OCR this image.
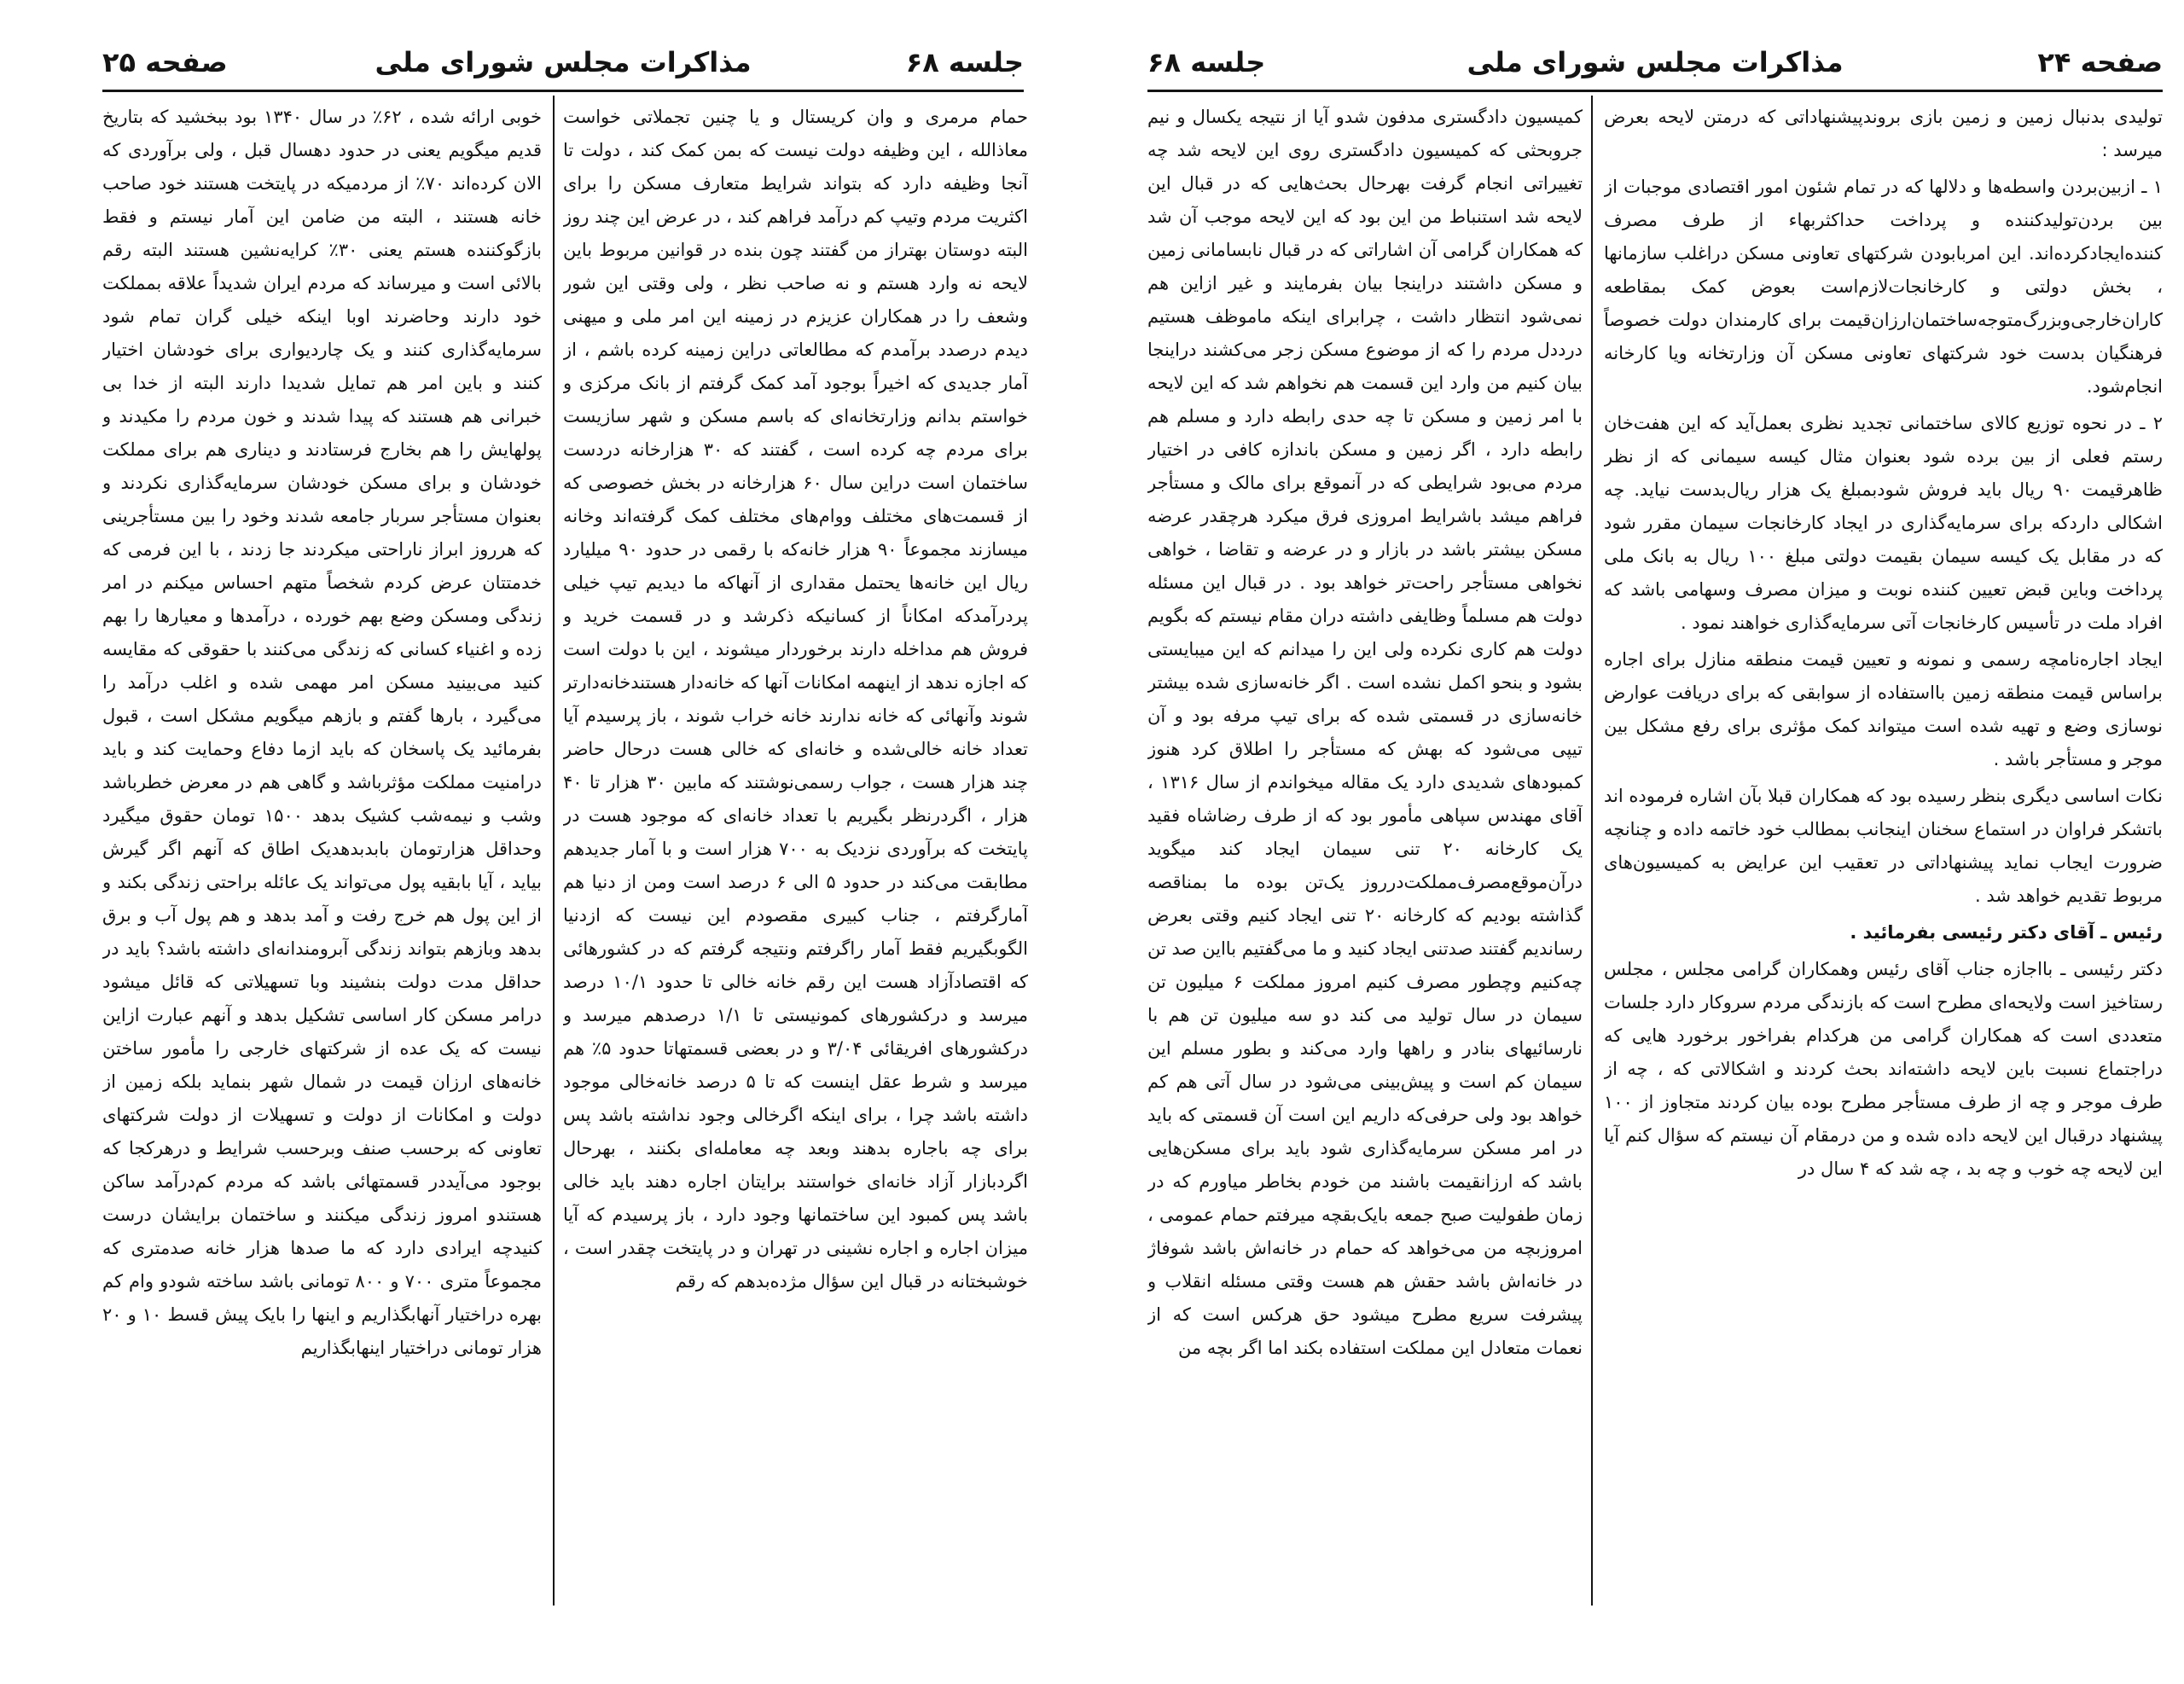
جلسه ۶۸
مذاکرات مجلس شورای ملی
صفحه ۲۵

حمام مرمری و وان کریستال و یا چنین تجملاتی خواست معاذالله ، این وظیفه دولت نیست که بمن کمک کند ، دولت تا آنجا وظیفه دارد که بتواند شرایط متعارف مسکن را برای اکثریت مردم وتیپ کم درآمد فراهم کند ، در عرض این چند روز البته دوستان بهتراز من گفتند چون بنده در قوانین مربوط باین لایحه نه وارد هستم و نه صاحب نظر ، ولی وقتی این شور وشعف را در همکاران عزیزم در زمینه این امر ملی و میهنی دیدم درصدد برآمدم که مطالعاتی دراین زمینه کرده باشم ، از آمار جدیدی که اخیراً بوجود آمد کمک گرفتم از بانک مرکزی و خواستم بدانم وزارتخانه‌ای که باسم مسکن و شهر سازیست برای مردم چه کرده است ، گفتند که ۳۰ هزارخانه دردست ساختمان است دراین سال ۶۰ هزارخانه در بخش خصوصی که از قسمت‌های مختلف ووام‌های مختلف کمک گرفته‌اند وخانه میسازند مجموعاً ۹۰ هزار خانه‌که با رقمی در حدود ۹۰ میلیارد ریال این خانه‌ها یحتمل مقداری از آنهاکه ما دیدیم تیپ خیلی پردرآمدکه امکاناً از کسانیکه ذکرشد و در قسمت خرید و فروش هم مداخله دارند برخوردار میشوند ، این با دولت است که اجازه ندهد از اینهمه امکانات آنها که خانه‌دار هستندخانه‌دارتر شوند وآنهائی که خانه ندارند خانه خراب شوند ، باز پرسیدم آیا تعداد خانه خالی‌شده و خانه‌ای که خالی هست درحال حاضر چند هزار هست ، جواب رسمی‌نوشتند که مابین ۳۰ هزار تا ۴۰ هزار ، اگردرنظر بگیریم با تعداد خانه‌ای که موجود هست در پایتخت که برآوردی نزدیک به ۷۰۰ هزار است و با آمار جدیدهم مطابقت می‌کند در حدود ۵ الی ۶ درصد است ومن از دنیا هم آمارگرفتم ، جناب کبیری مقصودم این نیست که ازدنیا الگوبگیریم فقط آمار راگرفتم ونتیجه گرفتم که در کشورهائی که اقتصادآزاد هست این رقم خانه خالی تا حدود ۱۰/۱ درصد میرسد و درکشورهای کمونیستی تا ۱/۱ درصدهم میرسد و درکشورهای افریقائی ۳/۰۴ و در بعضی قسمتهاتا حدود ۵٪ هم میرسد و شرط عقل اینست که تا ۵ درصد خانه‌خالی موجود داشته باشد چرا ، برای اینکه اگرخالی وجود نداشته باشد پس برای چه باجاره بدهند وبعد چه معامله‌ای بکنند ، بهرحال اگردبازار آزاد خانه‌ای خواستند برایتان اجاره دهند باید خالی باشد پس کمبود این ساختمانها وجود دارد ، باز پرسیدم که آیا میزان اجاره و اجاره نشینی در تهران و در پایتخت چقدر است ، خوشبختانه در قبال این سؤال مژده‌بدهم که رقم

خوبی ارائه شده ، ۶۲٪ در سال ۱۳۴۰ بود ببخشید که بتاریخ قدیم میگویم یعنی در حدود دهسال قبل ، ولی برآوردی که الان کرده‌اند ۷۰٪ از مردمیکه در پایتخت هستند خود صاحب خانه هستند ، البته من ضامن این آمار نیستم و فقط بازگوکننده هستم یعنی ۳۰٪ کرایه‌نشین هستند البته رقم بالائی است و میرساند که مردم ایران شدیداً علاقه بمملکت خود دارند وحاضرند اوبا اینکه خیلی گران تمام شود سرمایه‌گذاری کنند و یک چاردیواری برای خودشان اختیار کنند و باین امر هم تمایل شدیدا دارند البته از خدا بی خبرانی هم هستند که پیدا شدند و خون مردم را مکیدند و پولهایش را هم بخارج فرستادند و دیناری هم برای مملکت خودشان و برای مسکن خودشان سرمایه‌گذاری نکردند و بعنوان مستأجر سربار جامعه شدند وخود را بین مستأجرینی که هرروز ابراز ناراحتی میکردند جا زدند ، با این فرمی که خدمتتان عرض کردم شخصاً متهم احساس میکنم در امر زندگی ومسکن وضع بهم خورده ، درآمدها و معیارها را بهم زده و اغنیاء کسانی که زندگی می‌کنند با حقوقی که مقایسه کنید می‌بینید مسکن امر مهمی شده و اغلب درآمد را می‌گیرد ، بارها گفتم و بازهم میگویم مشکل است ، قبول بفرمائید یک پاسخان که باید ازما دفاع وحمایت کند و باید درامنیت مملکت مؤثرباشد و گاهی هم در معرض خطرباشد وشب و نیمه‌شب کشیک بدهد ۱۵۰۰ تومان حقوق میگیرد وحداقل هزارتومان بابدبدهدیک اطاق که آنهم اگر گیرش بیاید ، آیا بابقیه پول می‌تواند یک عائله براحتی زندگی بکند و از این پول هم خرج رفت و آمد بدهد و هم پول آب و برق بدهد وبازهم بتواند زندگی آبرومندانه‌ای داشته باشد؟ باید در حداقل مدت دولت بنشیند وبا تسهیلاتی که قائل میشود درامر مسکن کار اساسی تشکیل بدهد و آنهم عبارت ازاین نیست که یک عده از شرکتهای خارجی را مأمور ساختن خانه‌های ارزان قیمت در شمال شهر بنماید بلکه زمین از دولت و امکانات از دولت و تسهیلات از دولت شرکتهای تعاونی که برحسب صنف وبرحسب شرایط و درهرکجا که بوجود می‌آیددر قسمتهائی باشد که مردم کم‌درآمد ساکن هستندو امروز زندگی میکنند و ساختمان برایشان درست کنیدچه ایرادی دارد که ما صدها هزار خانه صدمتری که مجموعاً متری ۷۰۰ و ۸۰۰ تومانی باشد ساخته شودو وام کم بهره دراختیار آنهابگذاریم و اینها را بایک پیش قسط ۱۰ و ۲۰ هزار تومانی دراختیار اینهابگذاریم

صفحه ۲۴
مذاکرات مجلس شورای ملی
جلسه ۶۸

تولیدی بدنبال زمین و زمین بازی بروندپیشنهاداتی که درمتن لایحه بعرض میرسد :

۱ ـ ازبین‌بردن واسطه‌ها و دلالها که در تمام شئون امور اقتصادی موجبات از بین بردن‌تولیدکننده و پرداخت حداکثربهاء از طرف مصرف کننده‌ایجادکرده‌اند. این امربابودن شرکتهای تعاونی مسکن دراغلب سازمانها ، بخش دولتی و کارخانجات‌لازم‌است بعوض کمک بمقاطعه کاران‌خارجی‌وبزرگ‌متوجه‌ساختمان‌ارزان‌قیمت برای کارمندان دولت خصوصاً فرهنگیان بدست خود شرکتهای تعاونی مسکن آن وزارتخانه ویا کارخانه انجام‌شود.

۲ ـ در نحوه توزیع کالای ساختمانی تجدید نظری بعمل‌آید که این هفت‌خان رستم فعلی از بین برده شود بعنوان مثال کیسه سیمانی که از نظر ظاهرقیمت ۹۰ ریال باید فروش شودبمبلغ یک هزار ریال‌بدست نیاید. چه اشکالی داردکه برای سرمایه‌گذاری در ایجاد کارخانجات سیمان مقرر شود که در مقابل یک کیسه سیمان بقیمت دولتی مبلغ ۱۰۰ ریال به بانک ملی پرداخت وباین قبض تعیین کننده نوبت و میزان مصرف وسهامی باشد که افراد ملت در تأسیس کارخانجات آتی سرمایه‌گذاری خواهند نمود .

ایجاد اجاره‌نامچه رسمی و نمونه و تعیین قیمت منطقه منازل برای اجاره براساس قیمت منطقه زمین بااستفاده از سوابقی که برای دریافت عوارض نوسازی وضع و تهیه شده است میتواند کمک مؤثری برای رفع مشکل بین موجر و مستأجر باشد .

نکات اساسی دیگری بنظر رسیده بود که همکاران قبلا بآن اشاره فرموده اند باتشکر فراوان در استماع سخنان اینجانب بمطالب خود خاتمه داده و چنانچه ضرورت ایجاب نماید پیشنهاداتی در تعقیب این عرایض به کمیسیون‌های مربوط تقدیم خواهد شد .

رئیس ـ آقای دکتر رئیسی بفرمائید .

دکتر رئیسی ـ بااجازه جناب آقای رئیس وهمکاران گرامی مجلس ، مجلس رستاخیز است ولایحه‌ای مطرح است که بازندگی مردم سروکار دارد جلسات متعددی است که همکاران گرامی من هرکدام بفراخور برخورد هایی که دراجتماع نسبت باین لایحه داشته‌اند بحث کردند و اشکالاتی که ، چه از طرف موجر و چه از طرف مستأجر مطرح بوده بیان کردند متجاوز از ۱۰۰ پیشنهاد درقبال این لایحه داده شده و من درمقام آن نیستم که سؤال کنم آیا این لایحه چه خوب و چه بد ، چه شد که ۴ سال در

کمیسیون دادگستری مدفون شدو آیا از نتیجه یکسال و نیم جروبحثی که کمیسیون دادگستری روی این لایحه شد چه تغییراتی انجام گرفت بهرحال بحث‌هایی که در قبال این لایحه شد استنباط من این بود که این لایحه موجب آن شد که همکاران گرامی آن اشاراتی که در قبال نابسامانی زمین و مسکن داشتند دراینجا بیان بفرمایند و غیر ازاین هم نمی‌شود انتظار داشت ، چرابرای اینکه ماموظف هستیم درددل مردم را که از موضوع مسکن زجر می‌کشند دراینجا بیان کنیم من وارد این قسمت هم نخواهم شد که این لایحه با امر زمین و مسکن تا چه حدی رابطه دارد و مسلم هم رابطه دارد ، اگر زمین و مسکن باندازه کافی در اختیار مردم می‌بود شرایطی که در آنموقع برای مالک و مستأجر فراهم میشد باشرایط امروزی فرق میکرد هرچقدر عرضه مسکن بیشتر باشد در بازار و در عرضه و تقاضا ، خواهی نخواهی مستأجر راحت‌تر خواهد بود . در قبال این مسئله دولت هم مسلماً وظایفی داشته دران مقام نیستم که بگویم دولت هم کاری نکرده ولی این را میدانم که این میبایستی بشود و بنحو اکمل نشده است . اگر خانه‌سازی شده بیشتر خانه‌سازی در قسمتی شده که برای تیپ مرفه بود و آن تیپی می‌شود که بهش که مستأجر را اطلاق کرد هنوز کمبودهای شدیدی دارد یک مقاله میخواندم از سال ۱۳۱۶ ، آقای مهندس سپاهی مأمور بود که از طرف رضاشاه فقید یک کارخانه ۲۰ تنی سیمان ایجاد کند میگوید درآن‌موقع‌مصرف‌مملکت‌درروز یک‌تن بوده ما بمناقصه گذاشته بودیم که کارخانه ۲۰ تنی ایجاد کنیم وقتی بعرض رساندیم گفتند صدتنی ایجاد کنید و ما می‌گفتیم بااین صد تن چه‌کنیم وچطور مصرف کنیم امروز مملکت ۶ میلیون تن سیمان در سال تولید می کند دو سه میلیون تن هم با نارسائیهای بنادر و راهها وارد می‌کند و بطور مسلم این سیمان کم است و پیش‌بینی می‌شود در سال آتی هم کم خواهد بود ولی حرفی‌که داریم این است آن قسمتی که باید در امر مسکن سرمایه‌گذاری شود باید برای مسکن‌هایی باشد که ارزانقیمت باشند من خودم بخاطر میاورم که در زمان طفولیت صبح جمعه بایک‌بقچه میرفتم حمام عمومی ، امروزبچه من می‌خواهد که حمام در خانه‌اش باشد شوفاژ در خانه‌اش باشد حقش هم هست وقتی مسئله انقلاب و پیشرفت سریع مطرح میشود حق هرکس است که از نعمات متعادل این مملکت استفاده بکند اما اگر بچه من
